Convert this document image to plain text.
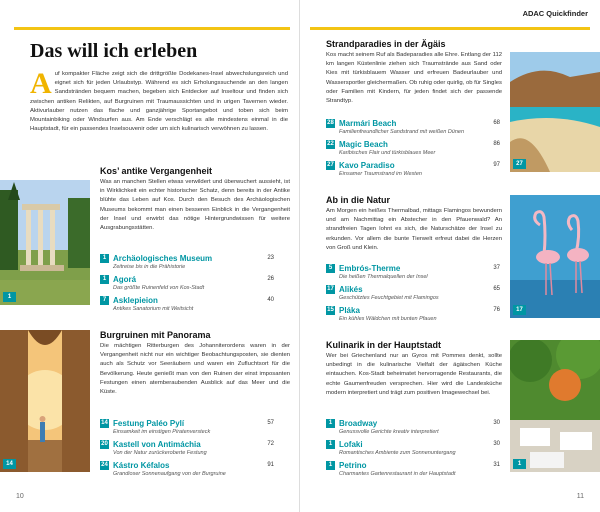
Das will ich erleben
Auf kompakter Fläche zeigt sich die drittgrößte Dodekanes-Insel abwechslungsreich und eignet sich für jeden Urlaubstyp. Während es sich Erholungssuchende an den langen Sandstränden bequem machen, begeben sich Entdecker auf Inseltour und finden sich zwischen antiken Relikten, auf Burgruinen mit Traumaussichten und in urigen Tavernen wieder. Aktivurlauber nutzen das flache und ganzjährige Sportangebot und toben sich beim Mountainbiking oder Windsurfen aus. Am Ende verschlägt es alle mindestens einmal in die Hauptstadt, für ein passendes Inselsouvenir oder um sich kulinarisch verwöhnen zu lassen.
1
Kos’ antike Vergangenheit
Was an manchen Stellen etwas verwildert und überwuchert aussieht, ist in Wirklichkeit ein echter historischer Schatz, denn bereits in der Antike blühte das Leben auf Kos. Durch den Besuch des Archäologischen Museums bekommt man einen besseren Einblick in die Vergangenheit der Insel und erwirbt das nötige Hintergrundwissen für weitere Ausgrabungsstätten.
1 Archäologisches Museum	23
Zeitreise bis in die Prähistorie
1 Agorá	26
Das größte Ruinenfeld von Kos-Stadt
7 Asklepieion	40
Antikes Sanatorium mit Weitsicht
14
Burgruinen mit Panorama
Die mächtigen Ritterburgen des Johanniterordens waren in der Vergangenheit nicht nur ein wichtiger Beobachtungsposten, sie dienten auch als Schutz vor Seeräubern und waren ein Zufluchtsort für die Bevölkerung. Heute genießt man von den Ruinen der einst imposanten Festungen einen atemberaubenden Ausblick auf das Meer und die Küste.
14 Festung Paléo Pylí	57
Einsamkeit im einstigen Piratenversteck
20 Kastell von Antimáchia	72
Von der Natur zurückeroberte Festung
24 Kástro Kéfalos	91
Grandioser Sonnenaufgang von der Burgruine
10
ADAC Quickfinder
Strandparadies in der Ägäis
Kos macht seinem Ruf als Badeparadies alle Ehre. Entlang der 112 km langen Küstenlinie ziehen sich Traumstrände aus Sand oder Kies mit türkisblauem Wasser und erfreuen Badeurlauber und Wassersportler gleichermaßen. Ob ruhig oder quirlig, ob für Singles oder Familien mit Kindern, für jeden findet sich der passende Strandtyp.
28 Marmári Beach	68
Familienfreundlicher Sandstrand mit weißen Dünen
22 Magic Beach	86
Karibisches Flair und türkisblaues Meer
27 Kavo Paradiso	97
Einsamer Traumstrand im Westen
27
Ab in die Natur
Am Morgen ein heißes Thermalbad, mittags Flamingos bewundern und am Nachmittag ein Abstecher in den Pfauenwald? An strandfreien Tagen lohnt es sich, die Naturschätze der Insel zu erkunden. Vor allem die bunte Tierwelt erfreut dabei die Herzen von Groß und Klein.
5 Embrós-Therme	37
Die heißen Thermalquellen der Insel
17 Alikés	65
Geschütztes Feuchtgebiet mit Flamingos
15 Pláka	76
Ein kühles Wäldchen mit bunten Pfauen
17
Kulinarik in der Hauptstadt
Wer bei Griechenland nur an Gyros mit Pommes denkt, sollte unbedingt in die kulinarische Vielfalt der ägäischen Küche eintauchen. Kos-Stadt beheimatet hervorragende Restaurants, die echte Gaumenfreuden versprechen. Hier wird die Landesküche modern interpretiert und trägt zum positiven Imagewechsel bei.
1 Broadway	30
Genussvolle Gerichte kreativ interpretiert
1 Lofaki	30
Romantisches Ambiente zum Sonnenuntergang
1 Petrino	31
Charmantes Gartenrestaurant in der Hauptstadt
1
11
